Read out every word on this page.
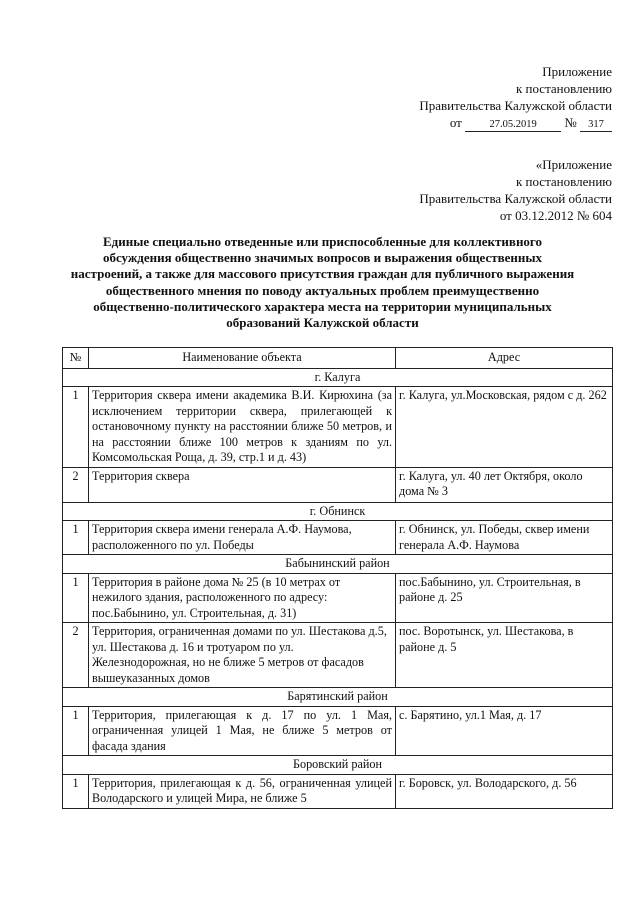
Приложение
к постановлению
Правительства Калужской области
от	27.05.2019 № 317
«Приложение
к постановлению
Правительства Калужской области
от 03.12.2012 № 604
Единые специально отведенные или приспособленные для коллективного
обсуждения общественно значимых вопросов и выражения общественных
настроений, а также для массового присутствия граждан для публичного выражения
общественного мнения по поводу актуальных проблем преимущественно
общественно-политического характера места на территории муниципальных
образований Калужской области
№	Наименование объекта	Адрес
г. Калуга		
1	Территория сквера имени академика В.И. Кирюхина (за исключением территории сквера, прилегающей к остановочному пункту на расстоянии ближе 50 метров, и на расстоянии ближе 100 метров к зданиям по ул. Комсомольская Роща, д. 39, стр.1 и д. 43)	г. Калуга, ул.Московская, рядом с д. 262
2	Территория сквера	г. Калуга, ул. 40 лет Октября, около дома № 3
г. Обнинск		
1	Территория сквера имени генерала А.Ф. Наумова, расположенного по ул. Победы	г. Обнинск, ул. Победы, сквер имени генерала А.Ф. Наумова
Бабынинский район		
1	Территория в районе дома № 25 (в 10 метрах от нежилого здания, расположенного по адресу: пос.Бабынино, ул. Строительная, д. 31)	пос.Бабынино, ул. Строительная, в районе д. 25
2	Территория, ограниченная домами по ул. Шестакова д.5, ул. Шестакова д. 16 и тротуаром по ул. Железнодорожная, но не ближе 5 метров от фасадов вышеуказанных домов	пос. Воротынск, ул. Шестакова, в районе д. 5
Барятинский район		
1	Территория, прилегающая к д. 17 по ул. 1 Мая, ограниченная улицей 1 Мая, не ближе 5 метров от фасада здания	с. Барятино, ул.1 Мая, д. 17
Боровский район		
1	Территория, прилегающая к д. 56, ограниченная улицей Володарского и улицей Мира, не ближе 5	г. Боровск, ул. Володарского, д. 56
